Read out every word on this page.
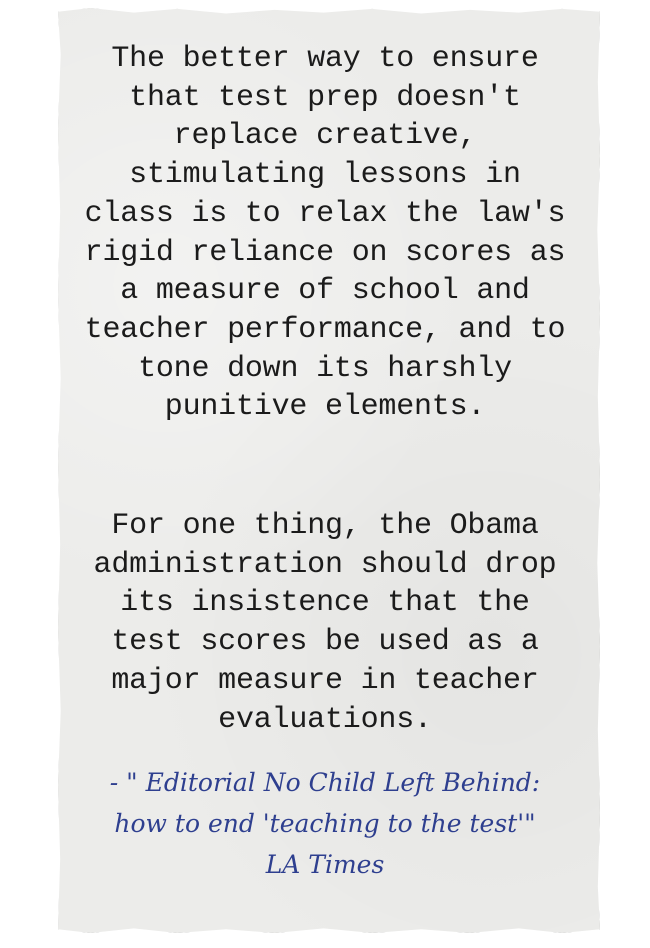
The better way to ensure that test prep doesn't replace creative, stimulating lessons in class is to relax the law's rigid reliance on scores as a measure of school and teacher performance, and to tone down its harshly punitive elements.

For one thing, the Obama administration should drop its insistence that the test scores be used as a major measure in teacher evaluations.

- " Editorial No Child Left Behind:
how to end 'teaching to the test'"
LA Times
